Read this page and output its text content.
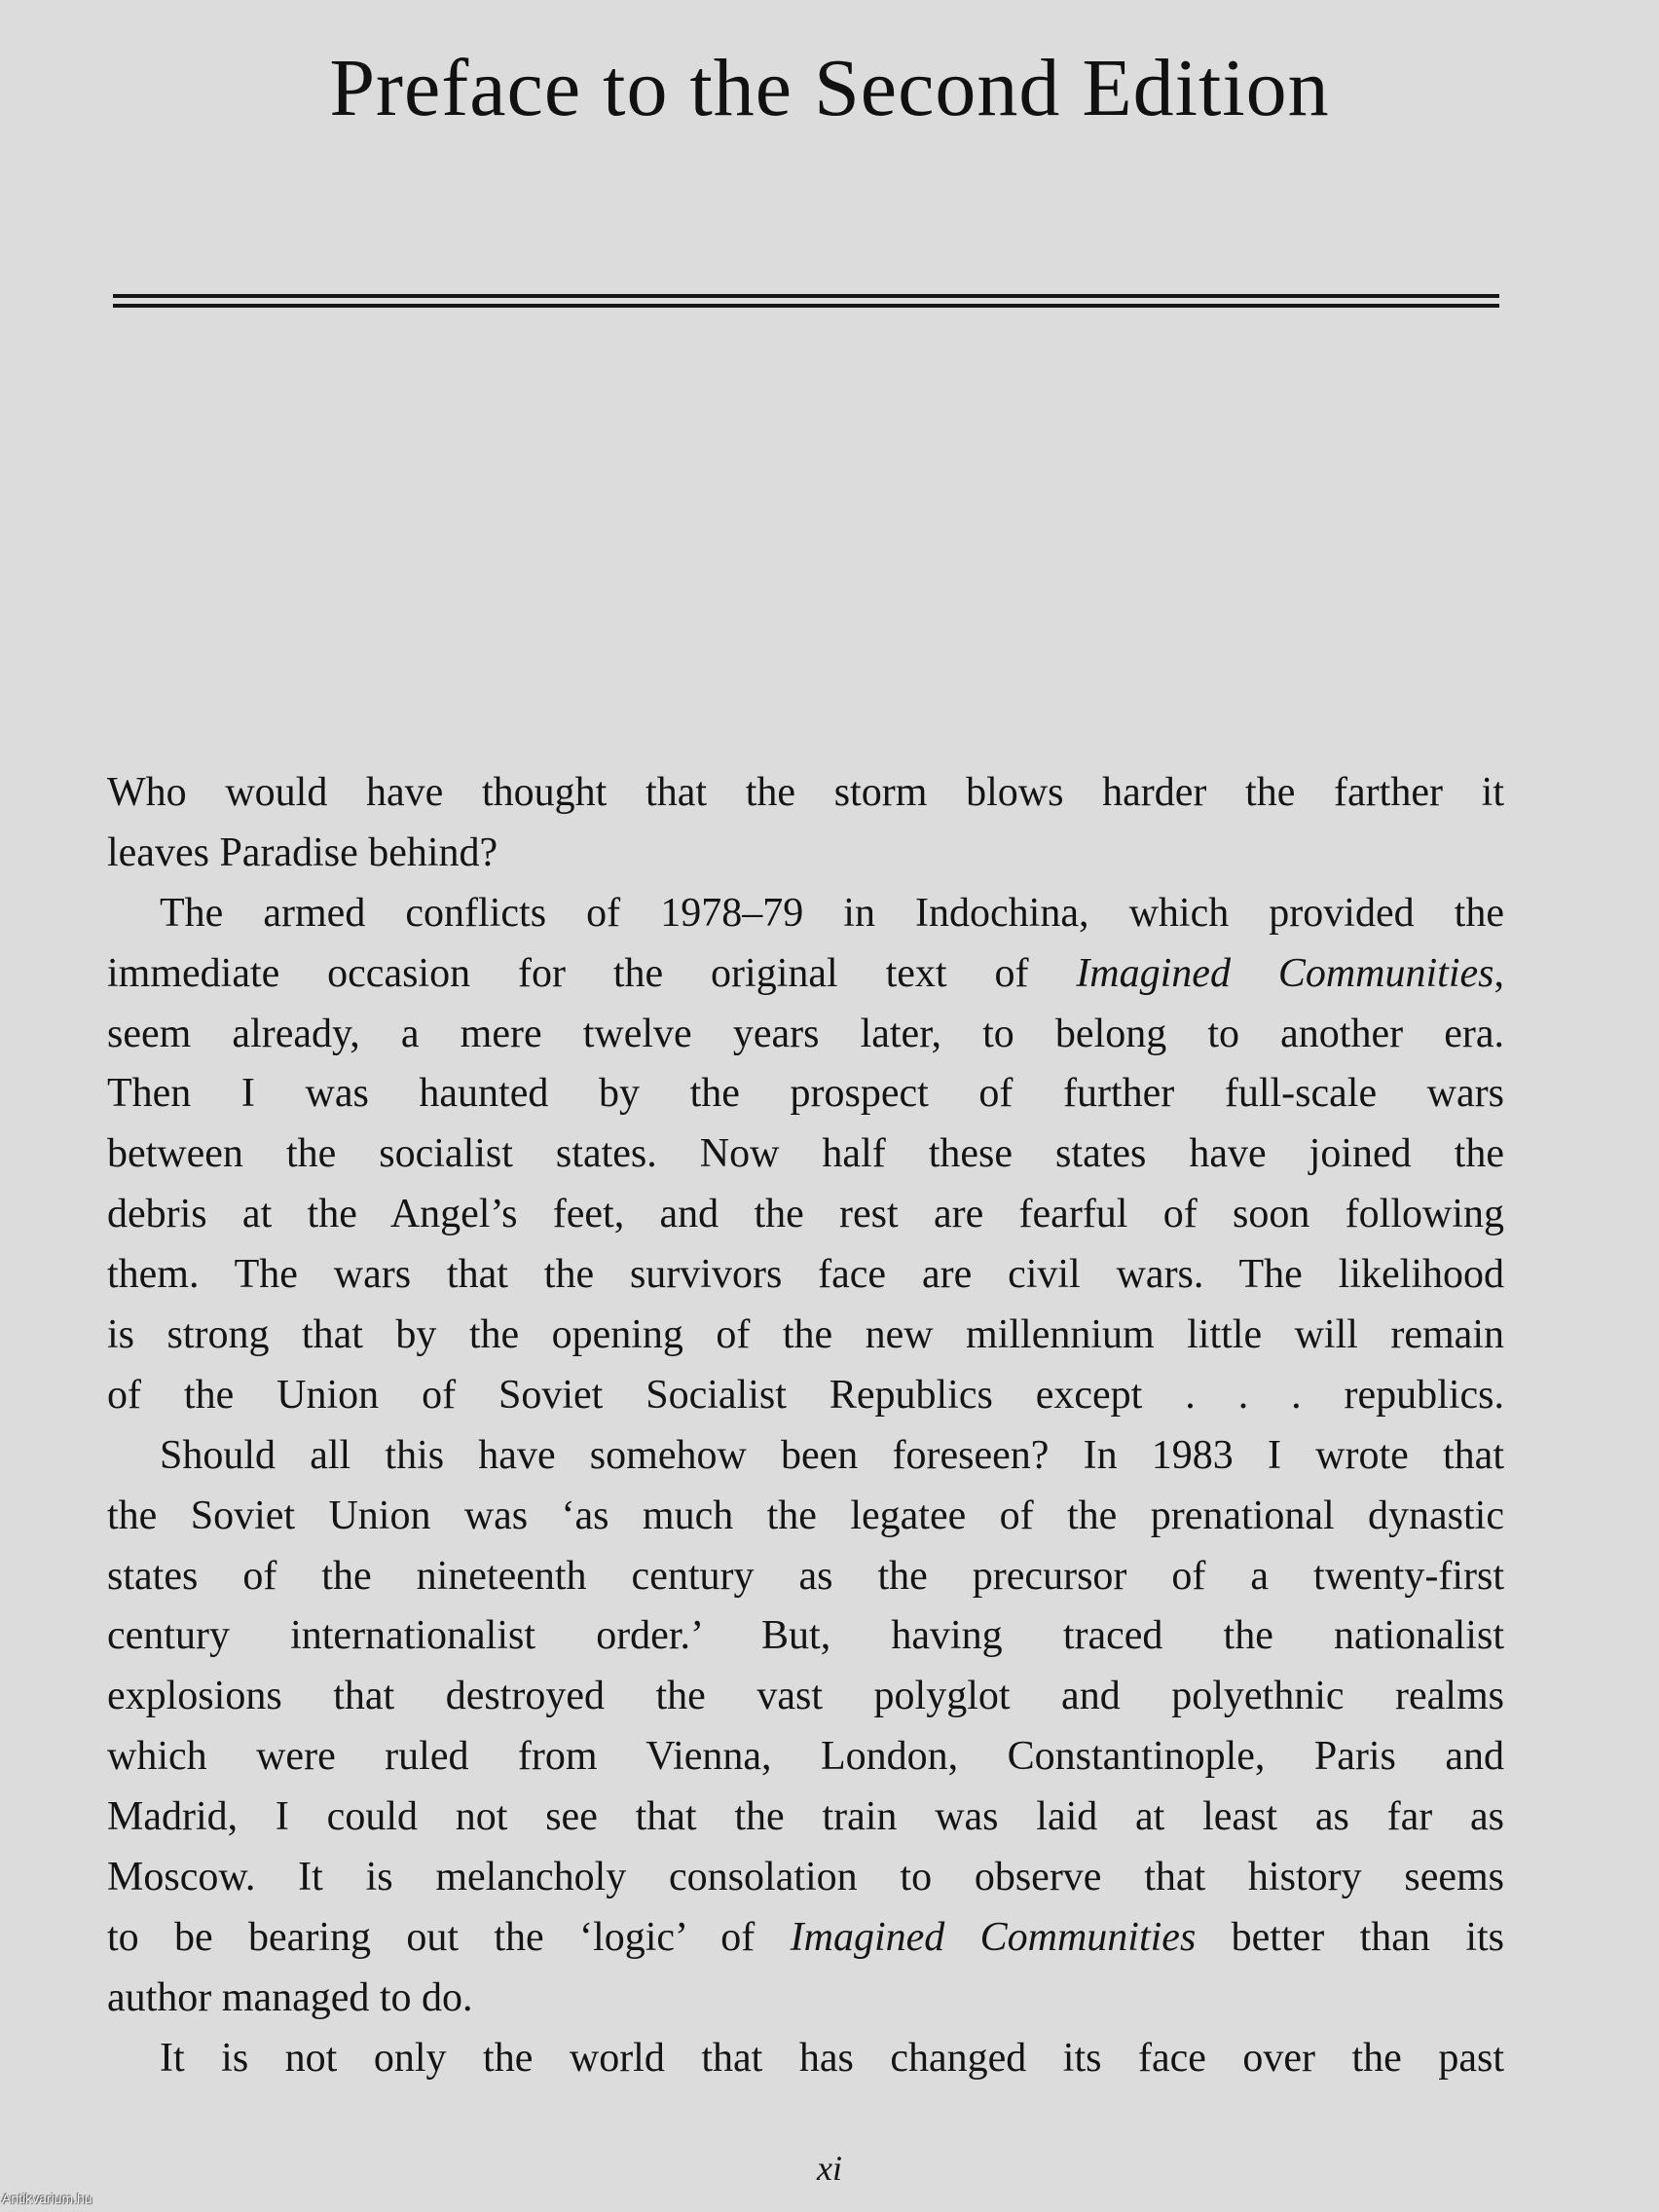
Preface to the Second Edition
Who would have thought that the storm blows harder the farther it
leaves Paradise behind?
The armed conflicts of 1978–79 in Indochina, which provided the
immediate occasion for the original text of Imagined Communities,
seem already, a mere twelve years later, to belong to another era.
Then I was haunted by the prospect of further full-scale wars
between the socialist states. Now half these states have joined the
debris at the Angel’s feet, and the rest are fearful of soon following
them. The wars that the survivors face are civil wars. The likelihood
is strong that by the opening of the new millennium little will remain
of the Union of Soviet Socialist Republics except . . . republics.
Should all this have somehow been foreseen? In 1983 I wrote that
the Soviet Union was ‘as much the legatee of the prenational dynastic
states of the nineteenth century as the precursor of a twenty-first
century internationalist order.’ But, having traced the nationalist
explosions that destroyed the vast polyglot and polyethnic realms
which were ruled from Vienna, London, Constantinople, Paris and
Madrid, I could not see that the train was laid at least as far as
Moscow. It is melancholy consolation to observe that history seems
to be bearing out the ‘logic’ of Imagined Communities better than its
author managed to do.
It is not only the world that has changed its face over the past
xi
Antikvarium.hu
